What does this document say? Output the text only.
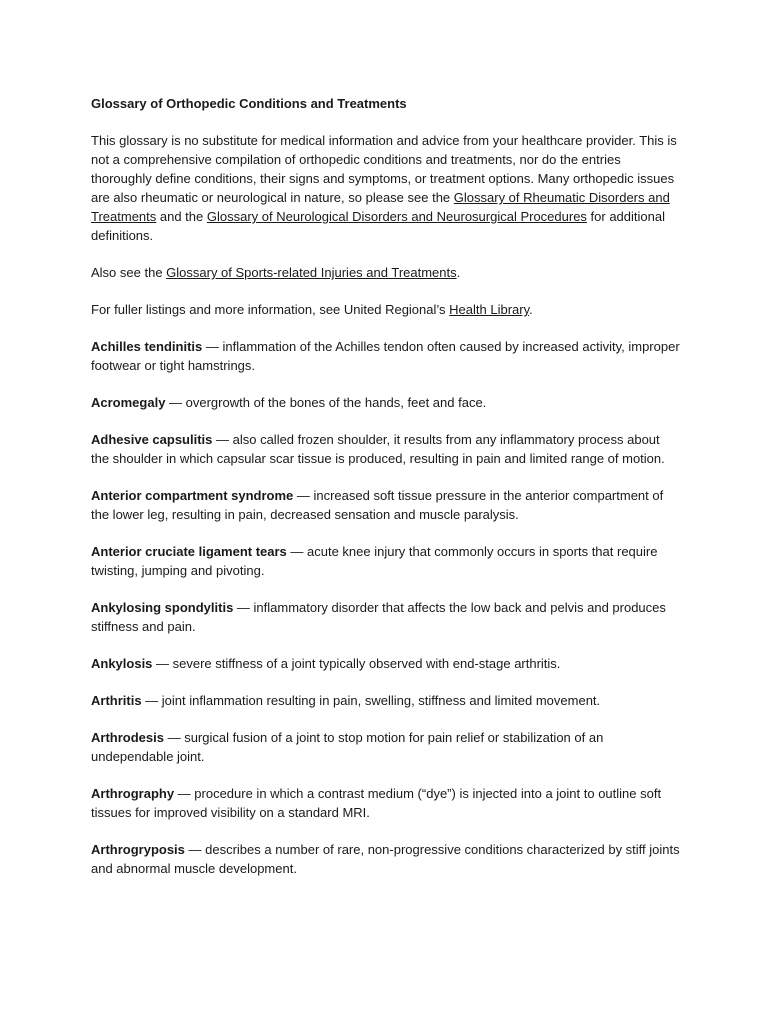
Glossary of Orthopedic Conditions and Treatments

This glossary is no substitute for medical information and advice from your healthcare provider. This is not a comprehensive compilation of orthopedic conditions and treatments, nor do the entries thoroughly define conditions, their signs and symptoms, or treatment options. Many orthopedic issues are also rheumatic or neurological in nature, so please see the Glossary of Rheumatic Disorders and Treatments and the Glossary of Neurological Disorders and Neurosurgical Procedures for additional definitions.

Also see the Glossary of Sports-related Injuries and Treatments.

For fuller listings and more information, see United Regional’s Health Library.

Achilles tendinitis — inflammation of the Achilles tendon often caused by increased activity, improper footwear or tight hamstrings.

Acromegaly — overgrowth of the bones of the hands, feet and face.

Adhesive capsulitis — also called frozen shoulder, it results from any inflammatory process about the shoulder in which capsular scar tissue is produced, resulting in pain and limited range of motion.

Anterior compartment syndrome — increased soft tissue pressure in the anterior compartment of the lower leg, resulting in pain, decreased sensation and muscle paralysis.

Anterior cruciate ligament tears — acute knee injury that commonly occurs in sports that require twisting, jumping and pivoting.

Ankylosing spondylitis — inflammatory disorder that affects the low back and pelvis and produces stiffness and pain.

Ankylosis — severe stiffness of a joint typically observed with end-stage arthritis.

Arthritis — joint inflammation resulting in pain, swelling, stiffness and limited movement.

Arthrodesis — surgical fusion of a joint to stop motion for pain relief or stabilization of an undependable joint.

Arthrography — procedure in which a contrast medium (“dye”) is injected into a joint to outline soft tissues for improved visibility on a standard MRI.

Arthrogryposis — describes a number of rare, non-progressive conditions characterized by stiff joints and abnormal muscle development.
